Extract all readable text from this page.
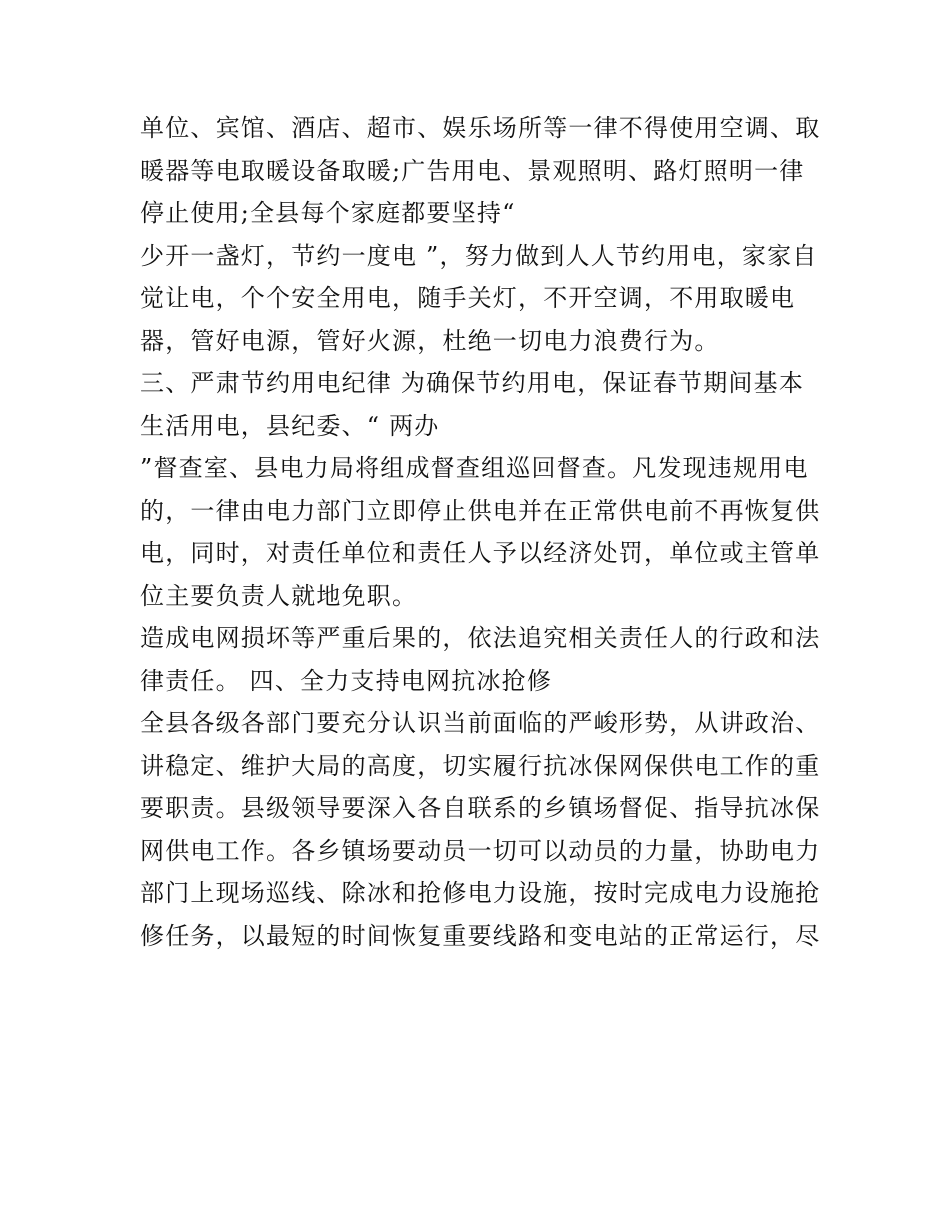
单位、宾馆、酒店、超市、娱乐场所等一律不得使用空调、取
暖器等电取暖设备取暖;广告用电、景观照明、路灯照明一律
停止使用;全县每个家庭都要坚持“
少开一盏灯，节约一度电 ”，努力做到人人节约用电，家家自
觉让电，个个安全用电，随手关灯，不开空调，不用取暖电
器，管好电源，管好火源，杜绝一切电力浪费行为。
三、严肃节约用电纪律 为确保节约用电，保证春节期间基本
生活用电，县纪委、“ 两办
”督查室、县电力局将组成督查组巡回督查。凡发现违规用电
的，一律由电力部门立即停止供电并在正常供电前不再恢复供
电，同时，对责任单位和责任人予以经济处罚，单位或主管单
位主要负责人就地免职。
造成电网损坏等严重后果的，依法追究相关责任人的行政和法
律责任。 四、全力支持电网抗冰抢修
全县各级各部门要充分认识当前面临的严峻形势，从讲政治、
讲稳定、维护大局的高度，切实履行抗冰保网保供电工作的重
要职责。县级领导要深入各自联系的乡镇场督促、指导抗冰保
网供电工作。各乡镇场要动员一切可以动员的力量，协助电力
部门上现场巡线、除冰和抢修电力设施，按时完成电力设施抢
修任务，以最短的时间恢复重要线路和变电站的正常运行，尽
